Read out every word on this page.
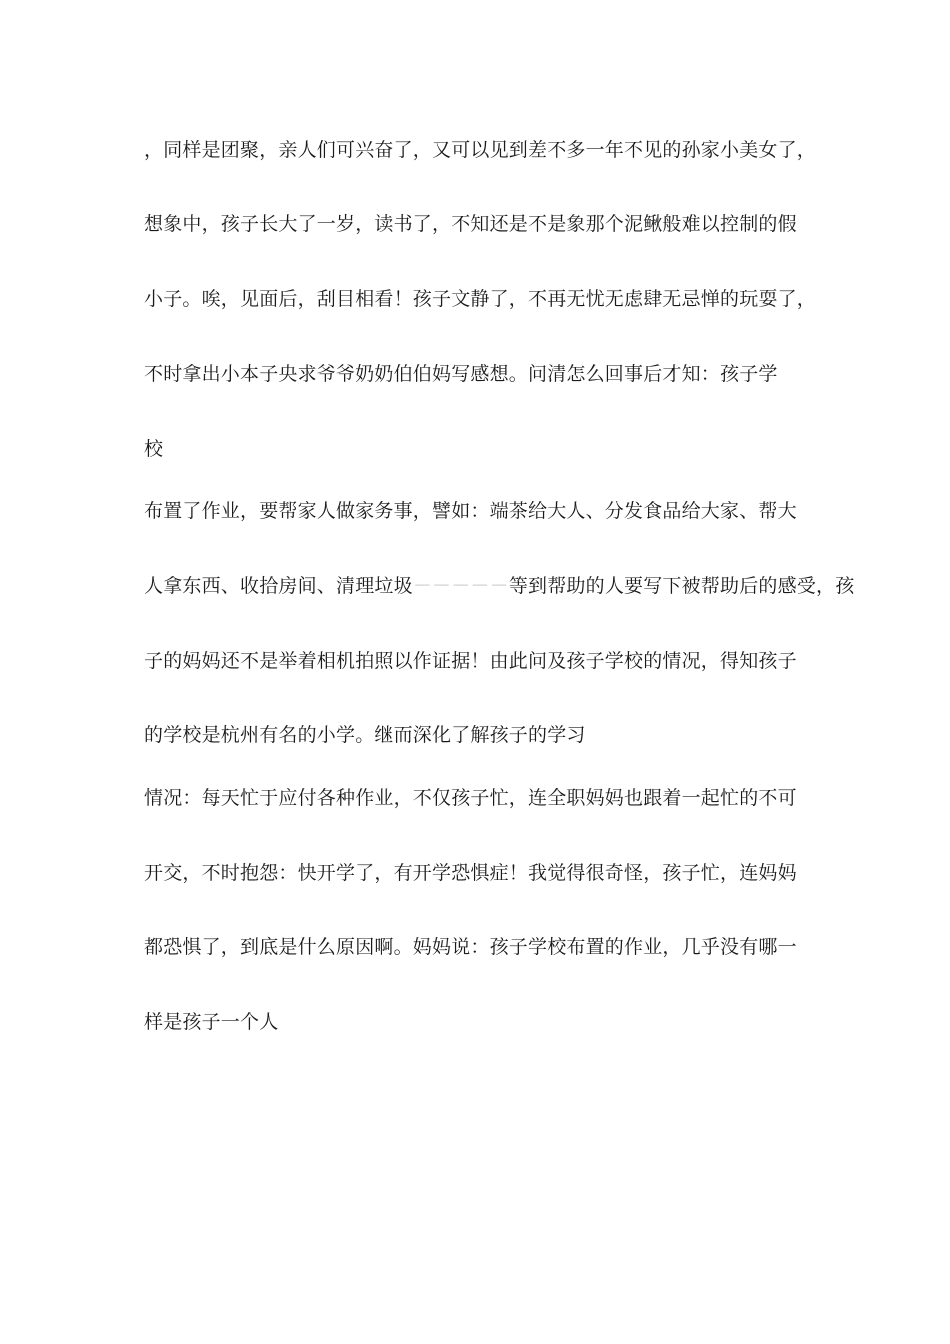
，同样是团聚，亲人们可兴奋了，又可以见到差不多一年不见的孙家小美女了，
想象中，孩子长大了一岁，读书了，不知还是不是象那个泥鳅般难以控制的假
小子。唉，见面后，刮目相看！孩子文静了，不再无忧无虑肆无忌惮的玩耍了，
不时拿出小本子央求爷爷奶奶伯伯妈写感想。问清怎么回事后才知：孩子学
校
布置了作业，要帮家人做家务事，譬如：端茶给大人、分发食品给大家、帮大
人拿东西、收拾房间、清理垃圾－－－－－等到帮助的人要写下被帮助后的感受，孩
子的妈妈还不是举着相机拍照以作证据！由此问及孩子学校的情况，得知孩子
的学校是杭州有名的小学。继而深化了解孩子的学习
情况：每天忙于应付各种作业，不仅孩子忙，连全职妈妈也跟着一起忙的不可
开交，不时抱怨：快开学了，有开学恐惧症！我觉得很奇怪，孩子忙，连妈妈
都恐惧了，到底是什么原因啊。妈妈说：孩子学校布置的作业，几乎没有哪一
样是孩子一个人
